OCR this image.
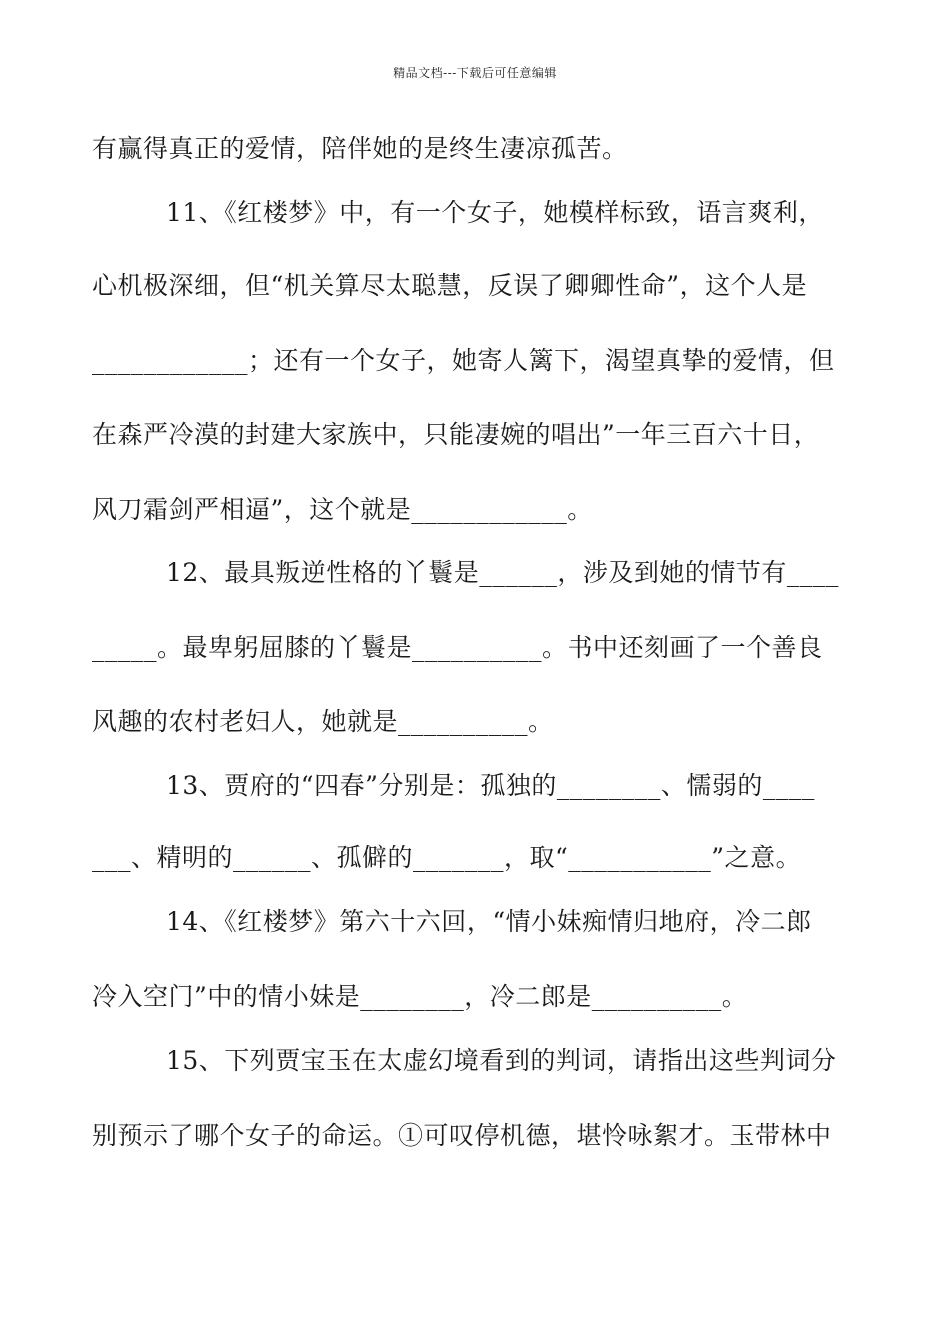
精品文档---下载后可任意编辑
有赢得真正的爱情，陪伴她的是终生凄凉孤苦。
11、《红楼梦》中，有一个女子，她模样标致，语言爽利，
心机极深细，但“机关算尽太聪慧，反误了卿卿性命”，这个人是
____________；还有一个女子，她寄人篱下，渴望真挚的爱情，但
在森严冷漠的封建大家族中，只能凄婉的唱出”一年三百六十日，
风刀霜剑严相逼”，这个就是____________。
12、最具叛逆性格的丫鬟是______，涉及到她的情节有____
_____。最卑躬屈膝的丫鬟是__________。书中还刻画了一个善良
风趣的农村老妇人，她就是__________。
13、贾府的“四春”分别是：孤独的________、懦弱的____
___、精明的______、孤僻的_______，取“___________”之意。
14、《红楼梦》第六十六回，“情小妹痴情归地府，冷二郎
冷入空门”中的情小妹是________，冷二郎是__________。
15、下列贾宝玉在太虚幻境看到的判词，请指出这些判词分
别预示了哪个女子的命运。①可叹停机德，堪怜咏絮才。玉带林中
